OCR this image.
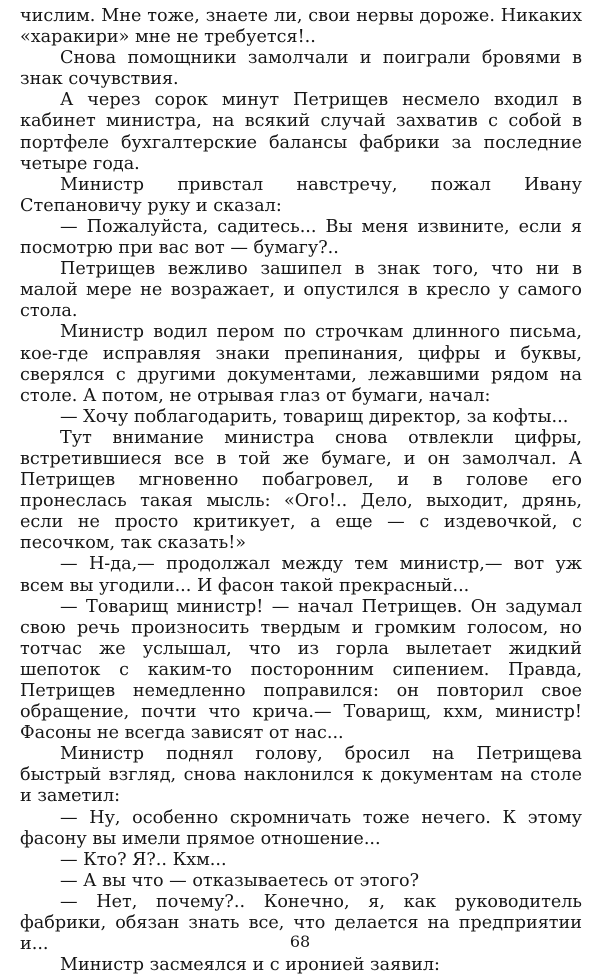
числим. Мне тоже, знаете ли, свои нервы дороже. Никаких «харакири» мне не требуется!..

Снова помощники замолчали и поиграли бровями в знак сочувствия.

А через сорок минут Петрищев несмело входил в кабинет министра, на всякий случай захватив с собой в портфеле бухгалтерские балансы фабрики за последние четыре года.

Министр привстал навстречу, пожал Ивану Степановичу руку и сказал:

— Пожалуйста, садитесь... Вы меня извините, если я посмотрю при вас вот — бумагу?..

Петрищев вежливо зашипел в знак того, что ни в малой мере не возражает, и опустился в кресло у самого стола.

Министр водил пером по строчкам длинного письма, кое-где исправляя знаки препинания, цифры и буквы, сверялся с другими документами, лежавшими рядом на столе. А потом, не отрывая глаз от бумаги, начал:

— Хочу поблагодарить, товарищ директор, за кофты...

Тут внимание министра снова отвлекли цифры, встретившиеся все в той же бумаге, и он замолчал. А Петрищев мгновенно побагровел, и в голове его пронеслась такая мысль: «Ого!.. Дело, выходит, дрянь, если не просто критикует, а еще — с издевочкой, с песочком, так сказать!»

— Н-да,— продолжал между тем министр,— вот уж всем вы угодили... И фасон такой прекрасный...

— Товарищ министр! — начал Петрищев. Он задумал свою речь произносить твердым и громким голосом, но тотчас же услышал, что из горла вылетает жидкий шепоток с каким-то посторонним сипением. Правда, Петрищев немедленно поправился: он повторил свое обращение, почти что крича.— Товарищ, кхм, министр! Фасоны не всегда зависят от нас...

Министр поднял голову, бросил на Петрищева быстрый взгляд, снова наклонился к документам на столе и заметил:

— Ну, особенно скромничать тоже нечего. К этому фасону вы имели прямое отношение...

— Кто? Я?.. Кхм...

— А вы что — отказываетесь от этого?

— Нет, почему?.. Конечно, я, как руководитель фабрики, обязан знать все, что делается на предприятии и...

Министр засмеялся и с иронией заявил:

68
